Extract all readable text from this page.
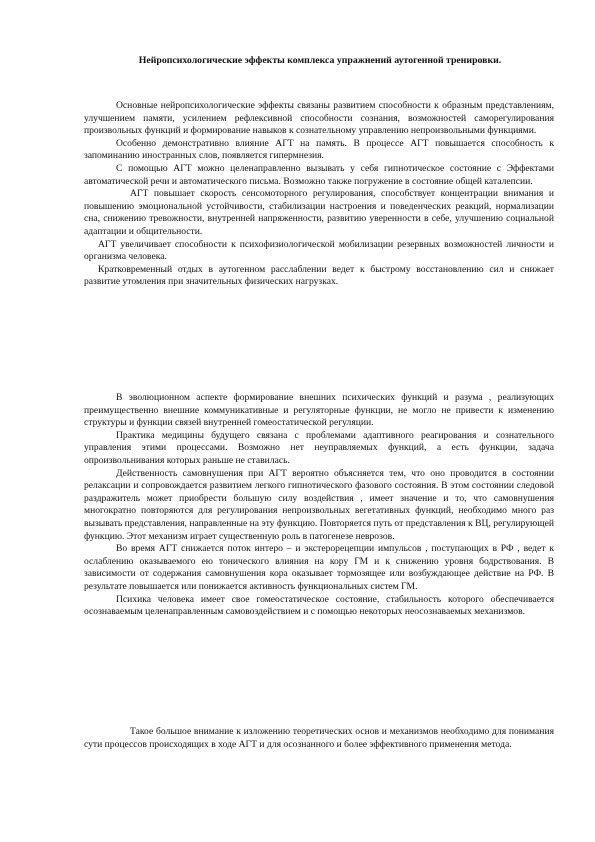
Нейропсихологические эффекты комплекса упражнений аутогенной тренировки.

Основные нейропсихологические эффекты связаны развитием способности к образным представлениям, улучшением памяти, усилением рефлексивной способности сознания, возможностей саморегулирования произвольных функций и формирование навыков к сознательному управлению непроизвольными функциями.

Особенно демонстративно влияние АГТ на память. В процессе АГТ повышается способность к запоминанию иностранных слов, появляется гипермнезия.

С помощью АГТ можно целенаправленно вызывать у себя гипнотическое состояние с Эффектами автоматической речи и автоматического письма. Возможно также погружение в состояние общей каталепсии.

АГТ повышает скорость сенсомоторного регулирования, способствует концентрации внимания и повышению эмоциональной устойчивости, стабилизации настроения и поведенческих реакций, нормализации сна, снижению тревожности, внутренней напряженности, развитию уверенности в себе, улучшению социальной адаптации и общительности.

АГТ увеличивает способности к психофизиологической мобилизации резервных возможностей личности и организма человека.

Кратковременный отдых в аутогенном расслаблении ведет к быстрому восстановлению сил и снижает развитие утомления при значительных физических нагрузках.

В эволюционном аспекте формирование внешних психических функций и разума , реализующих преимущественно внешние коммуникативные и регуляторные функции, не могло не привести к изменению структуры и функции связей внутренней гомеостатической регуляции.

Практика медицины будущего связана с проблемами адаптивного реагирования и сознательного управления этими процессами. Возможно нет неуправляемых функций, а есть функции, задача опроизвольнивания которых раньше не ставилась.

Действенность самовнушения при АГТ вероятно объясняется тем, что оно проводится в состоянии релаксации и сопровождается развитием легкого гипнотического фазового состояния. В этом состоянии следовой раздражитель может приобрести большую силу воздействия , имеет значение и то, что самовнушения многократно повторяются для регулирования непроизвольных вегетативных функций, необходимо много раз вызывать представления, направленные на эту функцию. Повторяется путь от представления к ВЦ, регулирующей функцию. Этот механизм играет существенную роль в патогенезе неврозов.

Во время АГТ снижается поток интеро – и экстерорецепции импульсов , поступающих в РФ , ведет к ослаблению оказываемого ею тонического влияния на кору ГМ и к снижению уровня бодрствования. В зависимости от содержания самовнушения кора оказывает тормозящее или возбуждающее действие на РФ. В результате повышается или понижается активность функциональных систем ГМ.

Психика человека имеет свое гомеостатическое состояние, стабильность которого обеспечивается осознаваемым целенаправленным самовоздействием и с помощью некоторых неосознаваемых механизмов.

Такое большое внимание к изложению теоретических основ и механизмов необходимо для понимания сути процессов происходящих в ходе АГТ и для осознанного и более эффективного применения метода.
